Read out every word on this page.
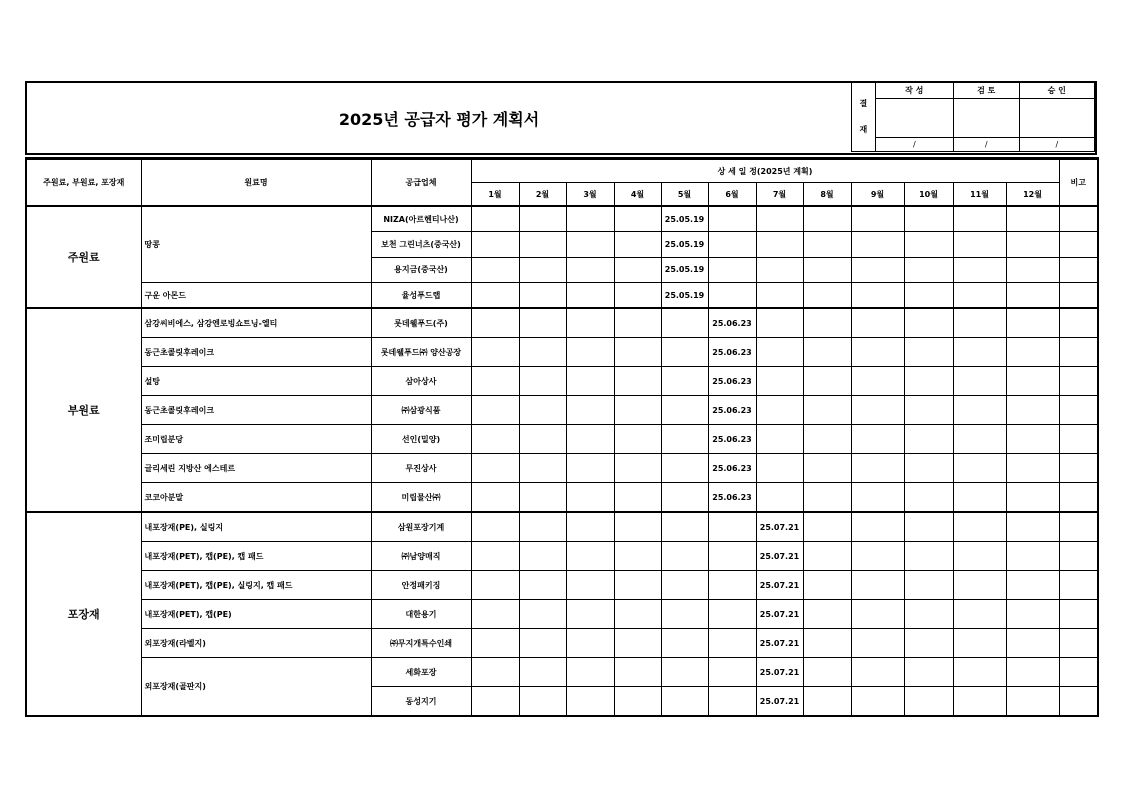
2025년 공급자 평가 계획서
결
재	작 성	검 토	승 인

	/	/	/
주원료, 부원료, 포장재	원료명	공급업체	상 세 일 정(2025년 계획)												비고
			1월	2월	3월	4월	5월	6월	7월	8월	9월	10월	11월	12월	
주원료	땅콩	NIZA(아르헨티나산)					25.05.19								
		보천 그린너츠(중국산)					25.05.19								
		용지금(중국산)					25.05.19								
	구운 아몬드	율성푸드랩					25.05.19								
부원료	삼강씨비에스, 삼강엔로빙쇼트닝-엘티	롯데웰푸드(주)						25.06.23							
	동근초콜릿후레이크	롯데웰푸드㈜ 양산공장						25.06.23							
	설탕	삼아상사						25.06.23							
	동근초콜릿후레이크	㈜삼광식품						25.06.23							
	조미립분당	선인(밀양)						25.06.23							
	글리세린 지방산 에스테르	무진상사						25.06.23							
	코코아분말	미립물산㈜						25.06.23							
포장재	내포장재(PE), 실링지	삼원포장기계							25.07.21						
	내포장재(PET), 캡(PE), 캡 패드	㈜남양매직							25.07.21						
	내포장재(PET), 캡(PE), 실링지, 캡 패드	안정패키징							25.07.21						
	내포장재(PET), 캡(PE)	대한용기							25.07.21						
	외포장재(라벨지)	㈜무지개특수인쇄							25.07.21						
	외포장재(골판지)	세화포장							25.07.21						
		동성지기							25.07.21						
